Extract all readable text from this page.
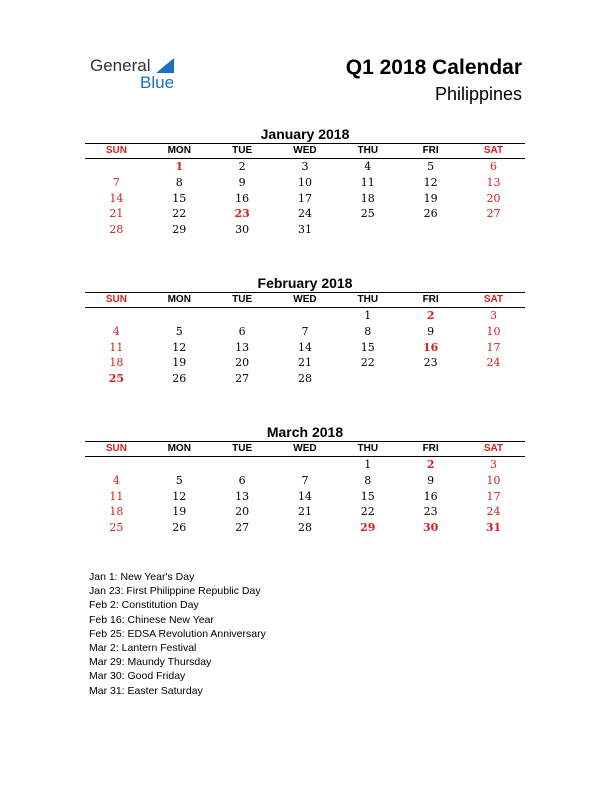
General
Blue
Q1 2018 Calendar
Philippines
January 2018
SUN	MON	TUE	WED	THU	FRI	SAT
	1	2	3	4	5	6
7	8	9	10	11	12	13
14	15	16	17	18	19	20
21	22	23	24	25	26	27
28	29	30	31			
February 2018
SUN	MON	TUE	WED	THU	FRI	SAT
				1	2	3
4	5	6	7	8	9	10
11	12	13	14	15	16	17
18	19	20	21	22	23	24
25	26	27	28			
March 2018
SUN	MON	TUE	WED	THU	FRI	SAT
				1	2	3
4	5	6	7	8	9	10
11	12	13	14	15	16	17
18	19	20	21	22	23	24
25	26	27	28	29	30	31
Jan 1: New Year's Day
Jan 23: First Philippine Republic Day
Feb 2: Constitution Day
Feb 16: Chinese New Year
Feb 25: EDSA Revolution Anniversary
Mar 2: Lantern Festival
Mar 29: Maundy Thursday
Mar 30: Good Friday
Mar 31: Easter Saturday
